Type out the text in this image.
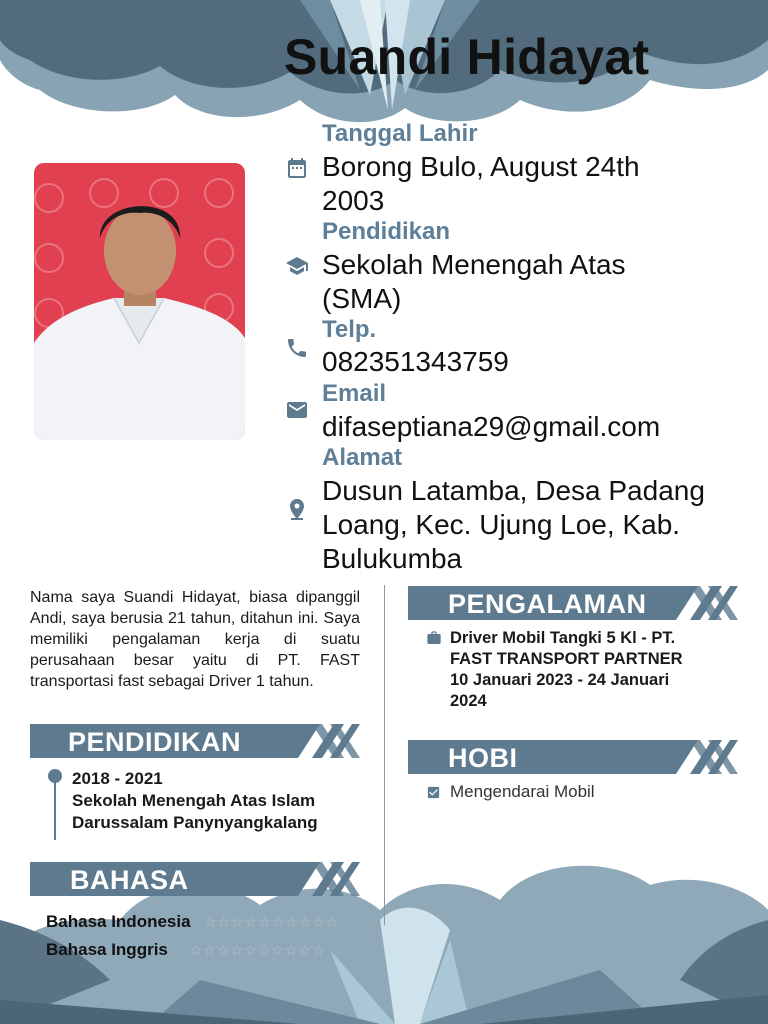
Suandi Hidayat
Tanggal Lahir
Borong Bulo, August 24th 2003
Pendidikan
Sekolah Menengah Atas (SMA)
Telp.
082351343759
Email
difaseptiana29@gmail.com
Alamat
Dusun Latamba, Desa Padang Loang, Kec. Ujung Loe, Kab. Bulukumba
Nama saya Suandi Hidayat, biasa dipanggil Andi, saya berusia 21 tahun, ditahun ini. Saya memiliki pengalaman kerja di suatu perusahaan besar yaitu di PT. FAST transportasi fast sebagai Driver 1 tahun.
PENDIDIKAN
2018 - 2021
Sekolah Menengah Atas Islam
Darussalam Panynyangkalang
BAHASA
Bahasa Indonesia ☆☆☆☆☆☆☆☆☆☆
Bahasa Inggris ☆☆☆☆☆☆☆☆☆☆
PENGALAMAN
Driver Mobil Tangki 5 Kl - PT.
FAST TRANSPORT PARTNER
10 Januari 2023 - 24 Januari
2024
HOBI
Mengendarai Mobil
